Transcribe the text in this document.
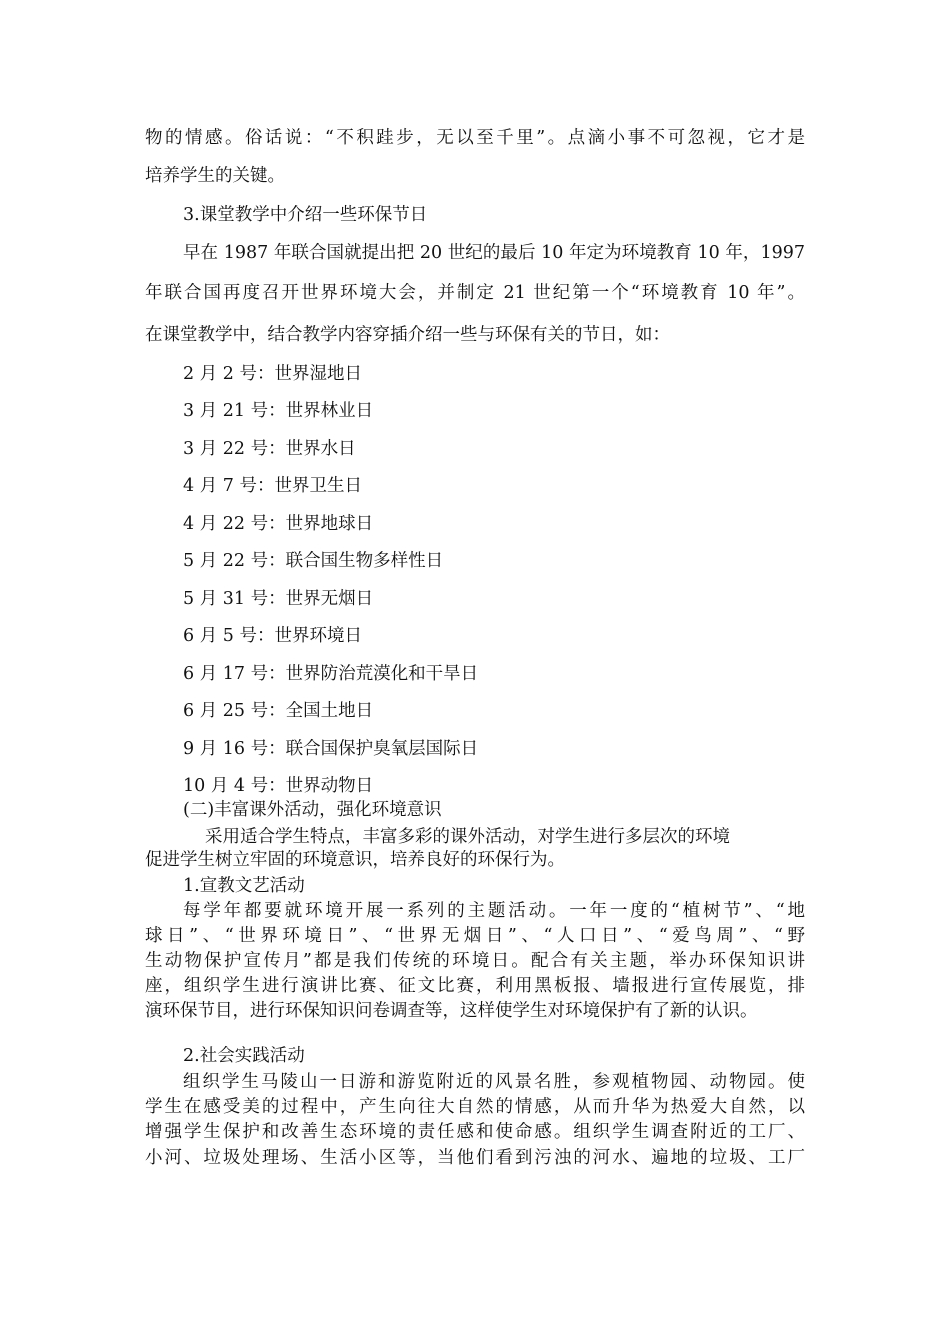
物的情感。俗话说：“不积跬步，无以至千里”。点滴小事不可忽视，它才是
培养学生的关键。
3.课堂教学中介绍一些环保节日
早在 1987 年联合国就提出把 20 世纪的最后 10 年定为环境教育 10 年，1997
年联合国再度召开世界环境大会，并制定 21 世纪第一个“环境教育 10 年”。
在课堂教学中，结合教学内容穿插介绍一些与环保有关的节日，如：
2 月 2 号：世界湿地日
3 月 21 号：世界林业日
3 月 22 号：世界水日
4 月 7 号：世界卫生日
4 月 22 号：世界地球日
5 月 22 号：联合国生物多样性日
5 月 31 号：世界无烟日
6 月 5 号：世界环境日
6 月 17 号：世界防治荒漠化和干旱日
6 月 25 号：全国土地日
9 月 16 号：联合国保护臭氧层国际日
10 月 4 号：世界动物日
(二)丰富课外活动，强化环境意识
采用适合学生特点，丰富多彩的课外活动，对学生进行多层次的环境
促进学生树立牢固的环境意识，培养良好的环保行为。
1.宣教文艺活动
每学年都要就环境开展一系列的主题活动。一年一度的“植树节”、“地
球日”、“世界环境日”、“世界无烟日”、“人口日”、“爱鸟周”、“野
生动物保护宣传月”都是我们传统的环境日。配合有关主题，举办环保知识讲
座，组织学生进行演讲比赛、征文比赛，利用黑板报、墙报进行宣传展览，排
演环保节目，进行环保知识问卷调查等，这样使学生对环境保护有了新的认识。
2.社会实践活动
组织学生马陵山一日游和游览附近的风景名胜，参观植物园、动物园。使
学生在感受美的过程中，产生向往大自然的情感，从而升华为热爱大自然，以
增强学生保护和改善生态环境的责任感和使命感。组织学生调查附近的工厂、
小河、垃圾处理场、生活小区等，当他们看到污浊的河水、遍地的垃圾、工厂
